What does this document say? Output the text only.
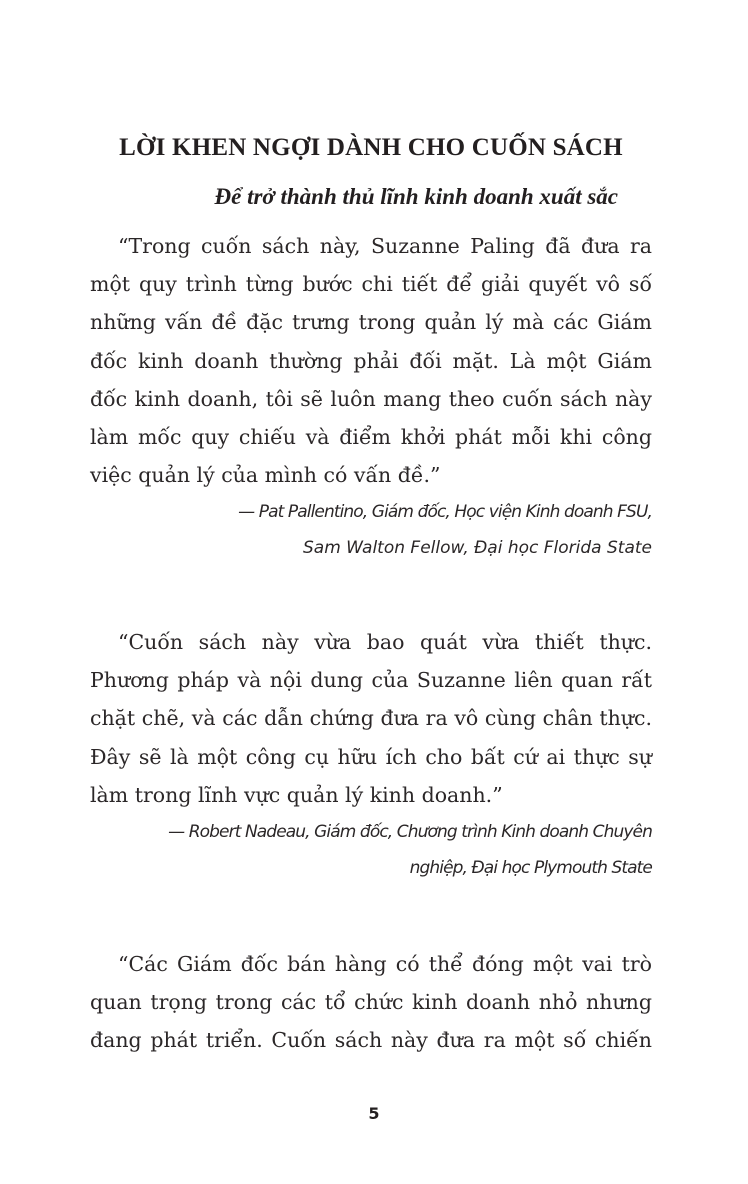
LỜI KHEN NGỢI DÀNH CHO CUỐN SÁCH
Để trở thành thủ lĩnh kinh doanh xuất sắc
“Trong cuốn sách này, Suzanne Paling đã đưa ra
một quy trình từng bước chi tiết để giải quyết vô số
những vấn đề đặc trưng trong quản lý mà các Giám
đốc kinh doanh thường phải đối mặt. Là một Giám
đốc kinh doanh, tôi sẽ luôn mang theo cuốn sách này
làm mốc quy chiếu và điểm khởi phát mỗi khi công
việc quản lý của mình có vấn đề.”
— Pat Pallentino, Giám đốc, Học viện Kinh doanh FSU,
Sam Walton Fellow, Đại học Florida State
“Cuốn sách này vừa bao quát vừa thiết thực.
Phương pháp và nội dung của Suzanne liên quan rất
chặt chẽ, và các dẫn chứng đưa ra vô cùng chân thực.
Đây sẽ là một công cụ hữu ích cho bất cứ ai thực sự
làm trong lĩnh vực quản lý kinh doanh.”
— Robert Nadeau, Giám đốc, Chương trình Kinh doanh Chuyên
nghiệp, Đại học Plymouth State
“Các Giám đốc bán hàng có thể đóng một vai trò
quan trọng trong các tổ chức kinh doanh nhỏ nhưng
đang phát triển. Cuốn sách này đưa ra một số chiến
5
